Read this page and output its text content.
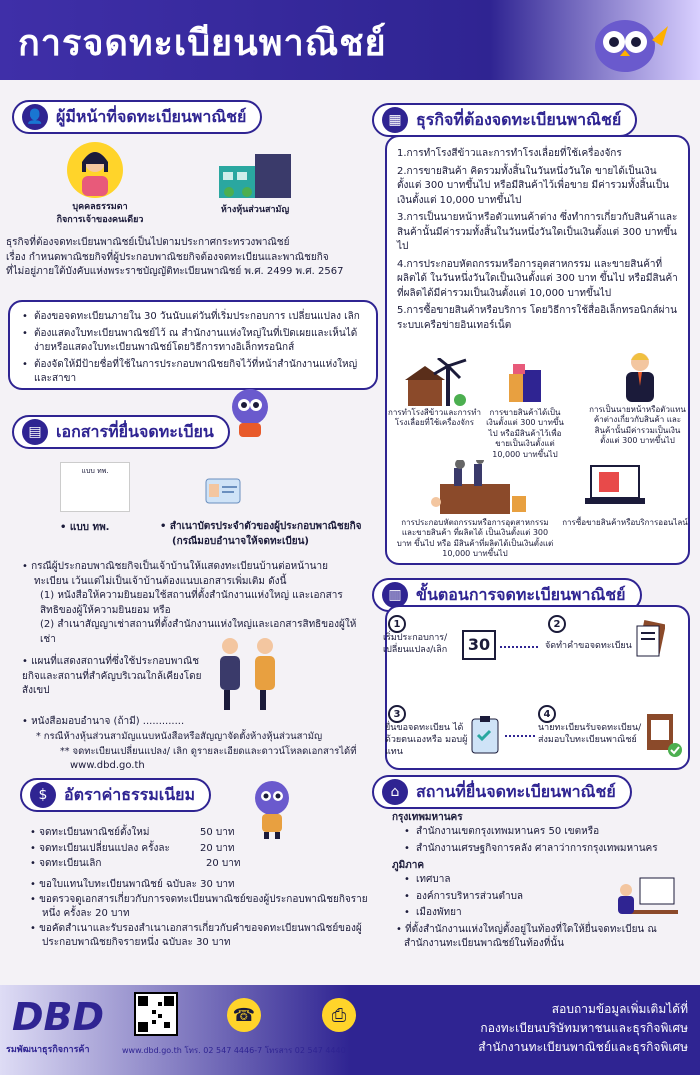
การจดทะเบียนพาณิชย์
👤 ผู้มีหน้าที่จดทะเบียนพาณิชย์
บุคคลธรรมดา
กิจการเจ้าของคนเดียว
ห้างหุ้นส่วนสามัญ
ธุรกิจที่ต้องจดทะเบียนพาณิชย์เป็นไปตามประกาศกระทรวงพาณิชย์
เรื่อง กำหนดพาณิชยกิจที่ผู้ประกอบพาณิชยกิจต้องจดทะเบียนและพาณิชยกิจ
ที่ไม่อยู่ภายใต้บังคับแห่งพระราชบัญญัติทะเบียนพาณิชย์ พ.ศ. 2499 พ.ศ. 2567
• ต้องขอจดทะเบียนภายใน 30 วันนับแต่วันที่เริ่มประกอบการ เปลี่ยนแปลง เลิก
• ต้องแสดงใบทะเบียนพาณิชย์ไว้ ณ สำนักงานแห่งใหญ่ในที่เปิดเผยและเห็นได้ง่ายหรือแสดงใบทะเบียนพาณิชย์โดยวิธีการทางอิเล็กทรอนิกส์
• ต้องจัดให้มีป้ายชื่อที่ใช้ในการประกอบพาณิชยกิจไว้ที่หน้าสำนักงานแห่งใหญ่และสาขา
▤ เอกสารที่ยื่นจดทะเบียน
แบบ ทพ.
• แบบ ทพ.	• สำเนาบัตรประจำตัวของผู้ประกอบพาณิชยกิจ
(กรณีมอบอำนาจให้จดทะเบียน)
• กรณีผู้ประกอบพาณิชยกิจเป็นเจ้าบ้านให้แสดงทะเบียนบ้านต่อหน้านายทะเบียน เว้นแต่ไม่เป็นเจ้าบ้านต้องแนบเอกสารเพิ่มเติม ดังนี้
(1) หนังสือให้ความยินยอมใช้สถานที่ตั้งสำนักงานแห่งใหญ่ และเอกสารสิทธิของผู้ให้ความยินยอม หรือ
(2) สำเนาสัญญาเช่าสถานที่ตั้งสำนักงานแห่งใหญ่และเอกสารสิทธิของผู้ให้เช่า
• แผนที่แสดงสถานที่ซึ่งใช้ประกอบพาณิชยกิจและสถานที่สำคัญบริเวณใกล้เคียงโดยสังเขป
• หนังสือมอบอำนาจ (ถ้ามี) .............
* กรณีห้างหุ้นส่วนสามัญแนบหนังสือหรือสัญญาจัดตั้งห้างหุ้นส่วนสามัญ
** จดทะเบียนเปลี่ยนแปลง/ เลิก ดูรายละเอียดและดาวน์โหลดเอกสารได้ที่
www.dbd.go.th
$	อัตราค่าธรรมเนียม
• จดทะเบียนพาณิชย์ตั้งใหม่	50 บาท
• จดทะเบียนเปลี่ยนแปลง ครั้งละ	20 บาท
• จดทะเบียนเลิก	20 บาท
• ขอใบแทนใบทะเบียนพาณิชย์ ฉบับละ 30 บาท
• ขอตรวจดูเอกสารเกี่ยวกับการจดทะเบียนพาณิชย์ของผู้ประกอบพาณิชยกิจรายหนึ่ง ครั้งละ 20 บาท
• ขอคัดสำเนาและรับรองสำเนาเอกสารเกี่ยวกับคำขอจดทะเบียนพาณิชย์ของผู้ประกอบพาณิชยกิจรายหนึ่ง ฉบับละ 30 บาท
▦ ธุรกิจที่ต้องจดทะเบียนพาณิชย์
1.การทำโรงสีข้าวและการทำโรงเลื่อยที่ใช้เครื่องจักร
2.การขายสินค้า คิดรวมทั้งสิ้นในวันหนึ่งวันใด ขายได้เป็นเงินตั้งแต่ 300 บาทขึ้นไป หรือมีสินค้าไว้เพื่อขาย มีค่ารวมทั้งสิ้นเป็นเงินตั้งแต่ 10,000 บาทขึ้นไป
3.การเป็นนายหน้าหรือตัวแทนค้าต่าง ซึ่งทำการเกี่ยวกับสินค้าและสินค้านั้นมีค่ารวมทั้งสิ้นในวันหนึ่งวันใดเป็นเงินตั้งแต่ 300 บาทขึ้นไป
4.การประกอบหัตถกรรมหรือการอุตสาหกรรม และขายสินค้าที่ผลิตได้ ในวันหนึ่งวันใดเป็นเงินตั้งแต่ 300 บาท ขึ้นไป หรือมีสินค้าที่ผลิตได้มีค่ารวมเป็นเงินตั้งแต่ 10,000 บาทขึ้นไป
5.การซื้อขายสินค้าหรือบริการ โดยวิธีการใช้สื่ออิเล็กทรอนิกส์ผ่านระบบเครือข่ายอินเทอร์เน็ต
การทำโรงสีข้าวและการทำโรงเลื่อยที่ใช้เครื่องจักร
การขายสินค้าได้เป็นเงินตั้งแต่ 300 บาทขึ้นไป หรือมีสินค้าไว้เพื่อขายเป็นเงินตั้งแต่ 10,000 บาทขึ้นไป
การเป็นนายหน้าหรือตัวแทนค้าต่างเกี่ยวกับสินค้า และสินค้านั้นมีค่ารวมเป็นเงินตั้งแต่ 300 บาทขึ้นไป
การประกอบหัตถกรรมหรือการอุตสาหกรรมและขายสินค้า ที่ผลิตได้ เป็นเงินตั้งแต่ 300 บาท ขึ้นไป หรือ มีสินค้าที่ผลิตได้เป็นเงินตั้งแต่ 10,000 บาทขึ้นไป
การซื้อขายสินค้าหรือบริการออนไลน์
▥ ขั้นตอนการจดทะเบียนพาณิชย์
1
เริ่มประกอบการ/ เปลี่ยนแปลง/เลิก	30
2
จัดทำคำขอจดทะเบียน
3
ยื่นขอจดทะเบียน ได้ด้วยตนเองหรือ มอบผู้แทน
4
นายทะเบียนรับจดทะเบียน/ ส่งมอบใบทะเบียนพาณิชย์
⌂	สถานที่ยื่นจดทะเบียนพาณิชย์
กรุงเทพมหานคร
• สำนักงานเขตกรุงเทพมหานคร 50 เขตหรือ
• สำนักงานเศรษฐกิจการคลัง ศาลาว่าการกรุงเทพมหานคร
ภูมิภาค
• เทศบาล
• องค์การบริหารส่วนตำบล
• เมืองพัทยา
• ที่ตั้งสำนักงานแห่งใหญ่ตั้งอยู่ในท้องที่ใดให้ยื่นจดทะเบียน ณ สำนักงานทะเบียนพาณิชย์ในท้องที่นั้น
DBD
รมพัฒนาธุรกิจการค้า
☎	⎙
www.dbd.go.th โทร. 02 547 4446-7 โทรสาร 02 547 4440
สอบถามข้อมูลเพิ่มเติมได้ที่
กองทะเบียนบริษัทมหาชนและธุรกิจพิเศษ
สำนักงานทะเบียนพาณิชย์และธุรกิจพิเศษ
